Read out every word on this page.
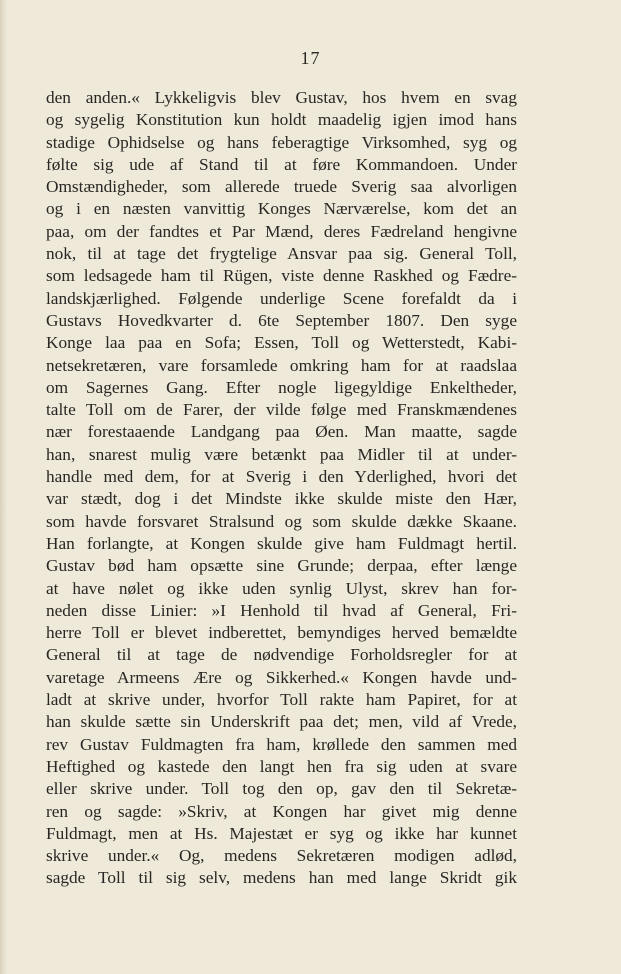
17
den anden.« Lykkeligvis blev Gustav, hos hvem en svag
og sygelig Konstitution kun holdt maadelig igjen imod hans
stadige Ophidselse og hans feberagtige Virksomhed, syg og
følte sig ude af Stand til at føre Kommandoen. Under
Omstændigheder, som allerede truede Sverig saa alvorligen
og i en næsten vanvittig Konges Nærværelse, kom det an
paa, om der fandtes et Par Mænd, deres Fædreland hengivne
nok, til at tage det frygtelige Ansvar paa sig. General Toll,
som ledsagede ham til Rügen, viste denne Raskhed og Fædre-
landskjærlighed. Følgende underlige Scene forefaldt da i
Gustavs Hovedkvarter d. 6te September 1807. Den syge
Konge laa paa en Sofa; Essen, Toll og Wetterstedt, Kabi-
netsekretæren, vare forsamlede omkring ham for at raadslaa
om Sagernes Gang. Efter nogle ligegyldige Enkeltheder,
talte Toll om de Farer, der vilde følge med Franskmændenes
nær forestaaende Landgang paa Øen. Man maatte, sagde
han, snarest mulig være betænkt paa Midler til at under-
handle med dem, for at Sverig i den Yderlighed, hvori det
var stædt, dog i det Mindste ikke skulde miste den Hær,
som havde forsvaret Stralsund og som skulde dække Skaane.
Han forlangte, at Kongen skulde give ham Fuldmagt hertil.
Gustav bød ham opsætte sine Grunde; derpaa, efter længe
at have nølet og ikke uden synlig Ulyst, skrev han for-
neden disse Linier: »I Henhold til hvad af General, Fri-
herre Toll er blevet indberettet, bemyndiges herved bemældte
General til at tage de nødvendige Forholdsregler for at
varetage Armeens Ære og Sikkerhed.« Kongen havde und-
ladt at skrive under, hvorfor Toll rakte ham Papiret, for at
han skulde sætte sin Underskrift paa det; men, vild af Vrede,
rev Gustav Fuldmagten fra ham, krøllede den sammen med
Heftighed og kastede den langt hen fra sig uden at svare
eller skrive under. Toll tog den op, gav den til Sekretæ-
ren og sagde: »Skriv, at Kongen har givet mig denne
Fuldmagt, men at Hs. Majestæt er syg og ikke har kunnet
skrive under.« Og, medens Sekretæren modigen adlød,
sagde Toll til sig selv, medens han med lange Skridt gik
